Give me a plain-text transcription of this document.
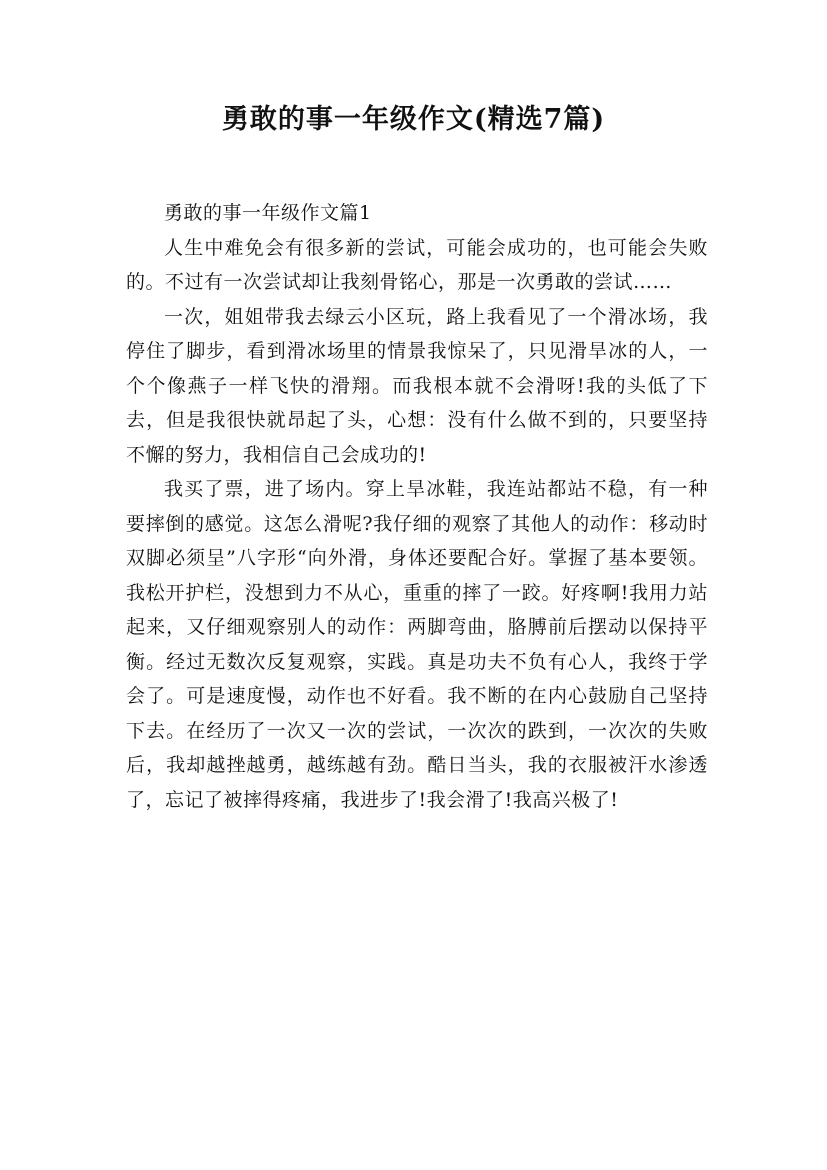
勇敢的事一年级作文(精选7篇)
勇敢的事一年级作文篇1

人生中难免会有很多新的尝试，可能会成功的，也可能会失败的。不过有一次尝试却让我刻骨铭心，那是一次勇敢的尝试……

一次，姐姐带我去绿云小区玩，路上我看见了一个滑冰场，我停住了脚步，看到滑冰场里的情景我惊呆了，只见滑旱冰的人，一个个像燕子一样飞快的滑翔。而我根本就不会滑呀!我的头低了下去，但是我很快就昂起了头，心想：没有什么做不到的，只要坚持不懈的努力，我相信自己会成功的!

我买了票，进了场内。穿上旱冰鞋，我连站都站不稳，有一种要摔倒的感觉。这怎么滑呢?我仔细的观察了其他人的动作：移动时双脚必须呈”八字形“向外滑，身体还要配合好。掌握了基本要领。我松开护栏，没想到力不从心，重重的摔了一跤。好疼啊!我用力站起来，又仔细观察别人的动作：两脚弯曲，胳膊前后摆动以保持平衡。经过无数次反复观察，实践。真是功夫不负有心人，我终于学会了。可是速度慢，动作也不好看。我不断的在内心鼓励自己坚持下去。在经历了一次又一次的尝试，一次次的跌到，一次次的失败后，我却越挫越勇，越练越有劲。酷日当头，我的衣服被汗水渗透了，忘记了被摔得疼痛，我进步了!我会滑了!我高兴极了!
